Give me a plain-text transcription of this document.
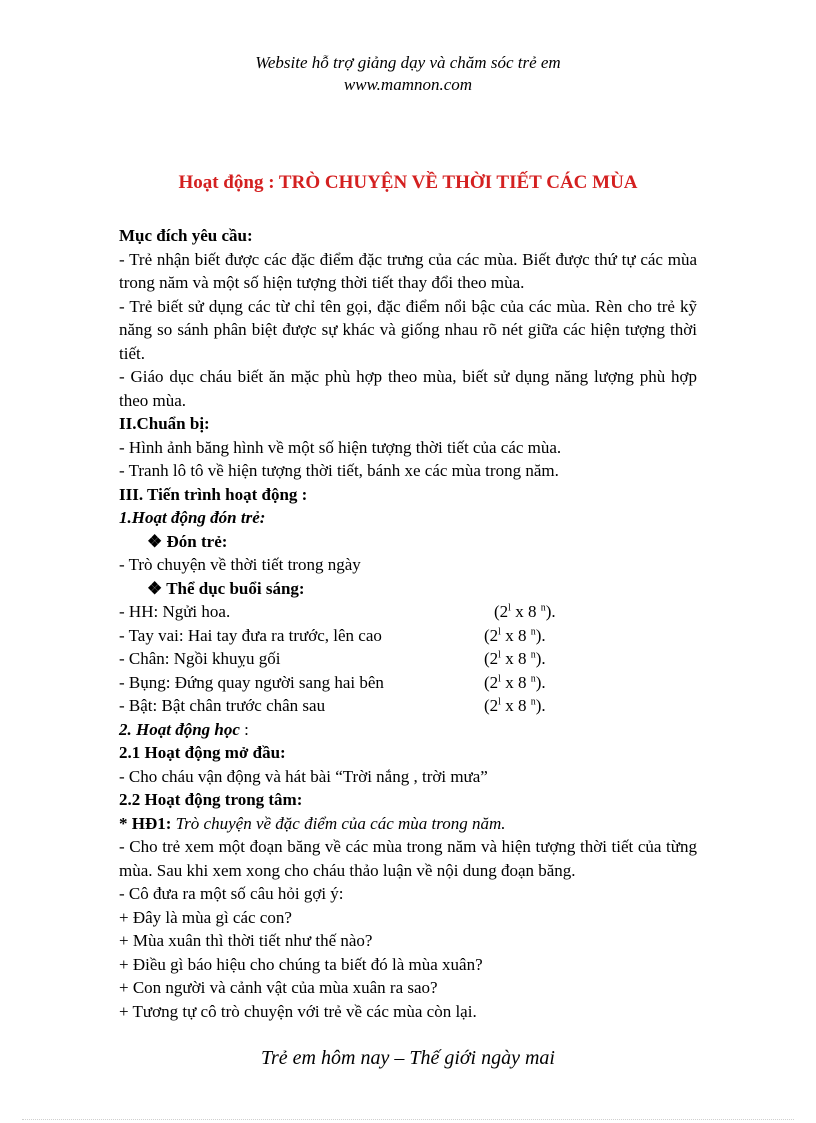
Website hỗ trợ giảng dạy và chăm sóc trẻ em
www.mamnon.com
Hoạt động : TRÒ CHUYỆN VỀ THỜI TIẾT CÁC MÙA

Mục đích yêu cầu:

- Trẻ nhận biết được các đặc điểm đặc trưng của các mùa. Biết được thứ tự các mùa trong năm và một số hiện tượng thời tiết thay đổi theo mùa.

- Trẻ biết sử dụng các từ chỉ tên gọi, đặc điểm nổi bậc của các mùa. Rèn cho trẻ kỹ năng so sánh phân biệt được sự khác và giống nhau rõ nét giữa các hiện tượng thời tiết.

- Giáo dục cháu biết ăn mặc phù hợp theo mùa, biết sử dụng năng lượng phù hợp theo mùa.

II.Chuẩn bị:

- Hình ảnh băng hình về một số hiện tượng thời tiết của các mùa.

- Tranh lô tô về hiện tượng thời tiết, bánh xe các mùa trong năm.

III. Tiến trình hoạt động :

1.Hoạt động đón trẻ:

❖ Đón trẻ:

- Trò chuyện về thời tiết trong ngày

❖ Thể dục buổi sáng:

- HH: Ngửi hoa.	(2$^l$ x 8 $^n$).
- Tay vai: Hai tay đưa ra trước, lên cao	(2$^l$ x 8 $^n$).
- Chân: Ngồi khuỵu gối	(2$^l$ x 8 $^n$).
- Bụng: Đứng quay người sang hai bên	(2$^l$ x 8 $^n$).
- Bật: Bật chân trước chân sau	(2$^l$ x 8 $^n$).

2. Hoạt động học :

2.1 Hoạt động mở đầu:

- Cho cháu vận động và hát bài “Trời nắng , trời mưa”

2.2 Hoạt động trong tâm:

* HĐ1: Trò chuyện về đặc điểm của các mùa trong năm.

- Cho trẻ xem một đoạn băng về các mùa trong năm và hiện tượng thời tiết của từng mùa. Sau khi xem xong cho cháu thảo luận về nội dung đoạn băng.

- Cô đưa ra một số câu hỏi gợi ý:

+ Đây là mùa gì các con?

+ Mùa xuân thì thời tiết như thế nào?

+ Điều gì báo hiệu cho chúng ta biết đó là mùa xuân?

+ Con người và cảnh vật của mùa xuân ra sao?

+ Tương tự cô trò chuyện với trẻ về các mùa còn lại.

Trẻ em hôm nay – Thế giới ngày mai
